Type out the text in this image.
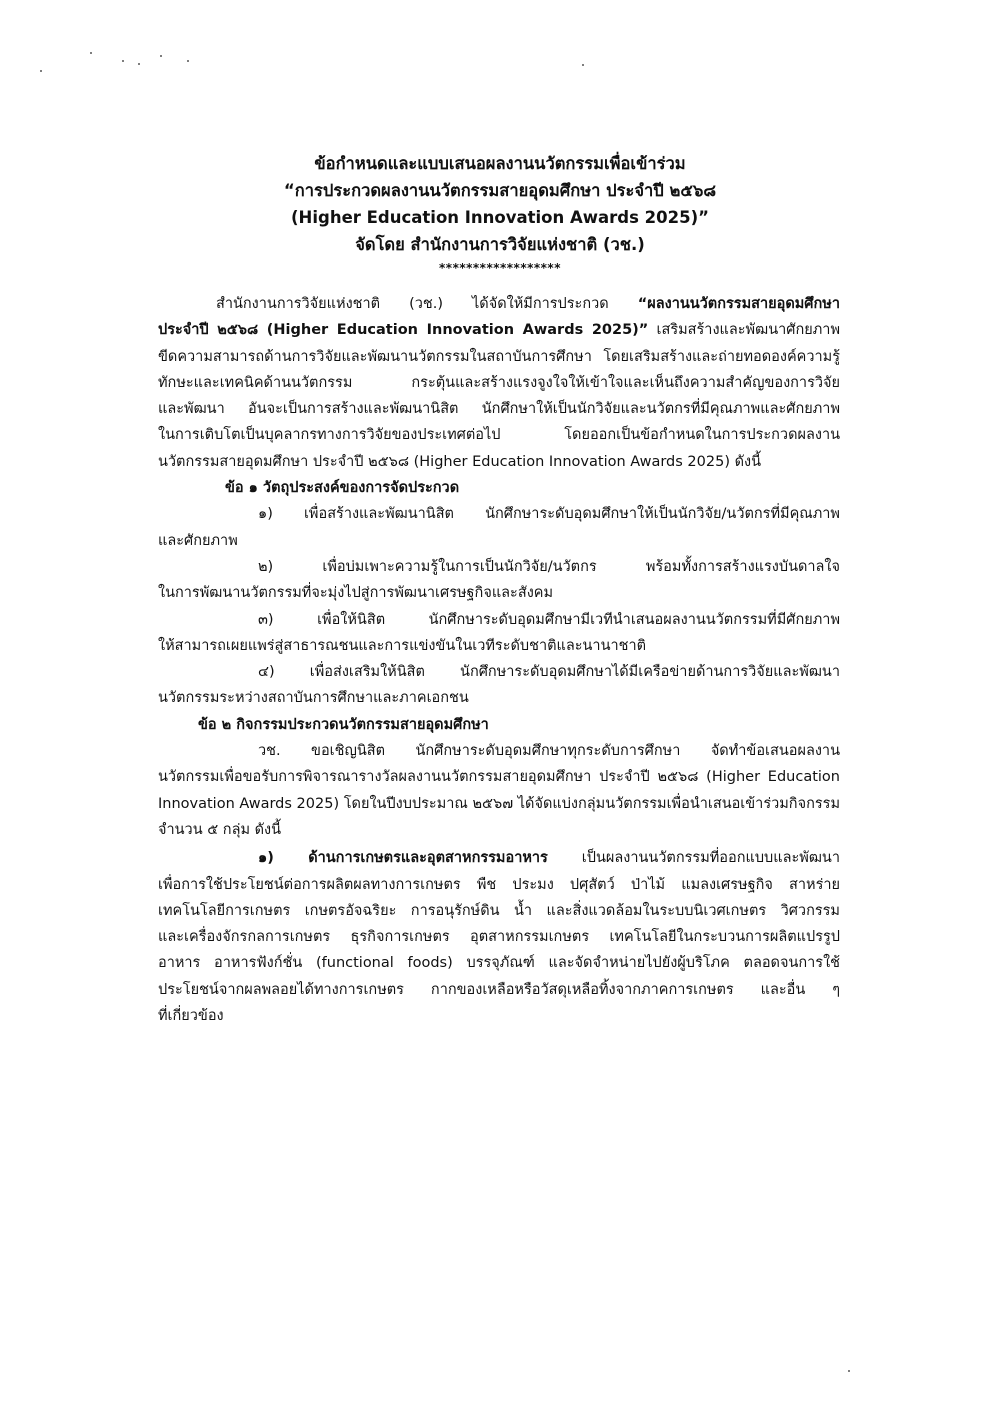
ข้อกำหนดและแบบเสนอผลงานนวัตกรรมเพื่อเข้าร่วม
“การประกวดผลงานนวัตกรรมสายอุดมศึกษา ประจำปี ๒๕๖๘
(Higher Education Innovation Awards 2025)”
จัดโดย สำนักงานการวิจัยแห่งชาติ (วช.)
******************
สำนักงานการวิจัยแห่งชาติ (วช.) ได้จัดให้มีการประกวด “ผลงานนวัตกรรมสายอุดมศึกษา
ประจำปี ๒๕๖๘ (Higher Education Innovation Awards 2025)” เสริมสร้างและพัฒนาศักยภาพ
ขีดความสามารถด้านการวิจัยและพัฒนานวัตกรรมในสถาบันการศึกษา โดยเสริมสร้างและถ่ายทอดองค์ความรู้
ทักษะและเทคนิคด้านนวัตกรรม กระตุ้นและสร้างแรงจูงใจให้เข้าใจและเห็นถึงความสำคัญของการวิจัย
และพัฒนา อันจะเป็นการสร้างและพัฒนานิสิต นักศึกษาให้เป็นนักวิจัยและนวัตกรที่มีคุณภาพและศักยภาพ
ในการเติบโตเป็นบุคลากรทางการวิจัยของประเทศต่อไป โดยออกเป็นข้อกำหนดในการประกวดผลงาน
นวัตกรรมสายอุดมศึกษา ประจำปี ๒๕๖๘ (Higher Education Innovation Awards 2025) ดังนี้
ข้อ ๑ วัตถุประสงค์ของการจัดประกวด
๑) เพื่อสร้างและพัฒนานิสิต นักศึกษาระดับอุดมศึกษาให้เป็นนักวิจัย/นวัตกรที่มีคุณภาพ
และศักยภาพ
๒) เพื่อบ่มเพาะความรู้ในการเป็นนักวิจัย/นวัตกร พร้อมทั้งการสร้างแรงบันดาลใจ
ในการพัฒนานวัตกรรมที่จะมุ่งไปสู่การพัฒนาเศรษฐกิจและสังคม
๓) เพื่อให้นิสิต นักศึกษาระดับอุดมศึกษามีเวทีนำเสนอผลงานนวัตกรรมที่มีศักยภาพ
ให้สามารถเผยแพร่สู่สาธารณชนและการแข่งขันในเวทีระดับชาติและนานาชาติ
๔) เพื่อส่งเสริมให้นิสิต นักศึกษาระดับอุดมศึกษาได้มีเครือข่ายด้านการวิจัยและพัฒนา
นวัตกรรมระหว่างสถาบันการศึกษาและภาคเอกชน
ข้อ ๒ กิจกรรมประกวดนวัตกรรมสายอุดมศึกษา
วช. ขอเชิญนิสิต นักศึกษาระดับอุดมศึกษาทุกระดับการศึกษา จัดทำข้อเสนอผลงาน
นวัตกรรมเพื่อขอรับการพิจารณารางวัลผลงานนวัตกรรมสายอุดมศึกษา ประจำปี ๒๕๖๘ (Higher Education
Innovation Awards 2025) โดยในปีงบประมาณ ๒๕๖๗ ได้จัดแบ่งกลุ่มนวัตกรรมเพื่อนำเสนอเข้าร่วมกิจกรรม
จำนวน ๕ กลุ่ม ดังนี้
๑) ด้านการเกษตรและอุตสาหกรรมอาหาร เป็นผลงานนวัตกรรมที่ออกแบบและพัฒนา
เพื่อการใช้ประโยชน์ต่อการผลิตผลทางการเกษตร พืช ประมง ปศุสัตว์ ป่าไม้ แมลงเศรษฐกิจ สาหร่าย
เทคโนโลยีการเกษตร เกษตรอัจฉริยะ การอนุรักษ์ดิน น้ำ และสิ่งแวดล้อมในระบบนิเวศเกษตร วิศวกรรม
และเครื่องจักรกลการเกษตร ธุรกิจการเกษตร อุตสาหกรรมเกษตร เทคโนโลยีในกระบวนการผลิตแปรรูป
อาหาร อาหารฟังก์ชั่น (functional foods) บรรจุภัณฑ์ และจัดจำหน่ายไปยังผู้บริโภค ตลอดจนการใช้
ประโยชน์จากผลพลอยได้ทางการเกษตร กากของเหลือหรือวัสดุเหลือทิ้งจากภาคการเกษตร และอื่น ๆ
ที่เกี่ยวข้อง
